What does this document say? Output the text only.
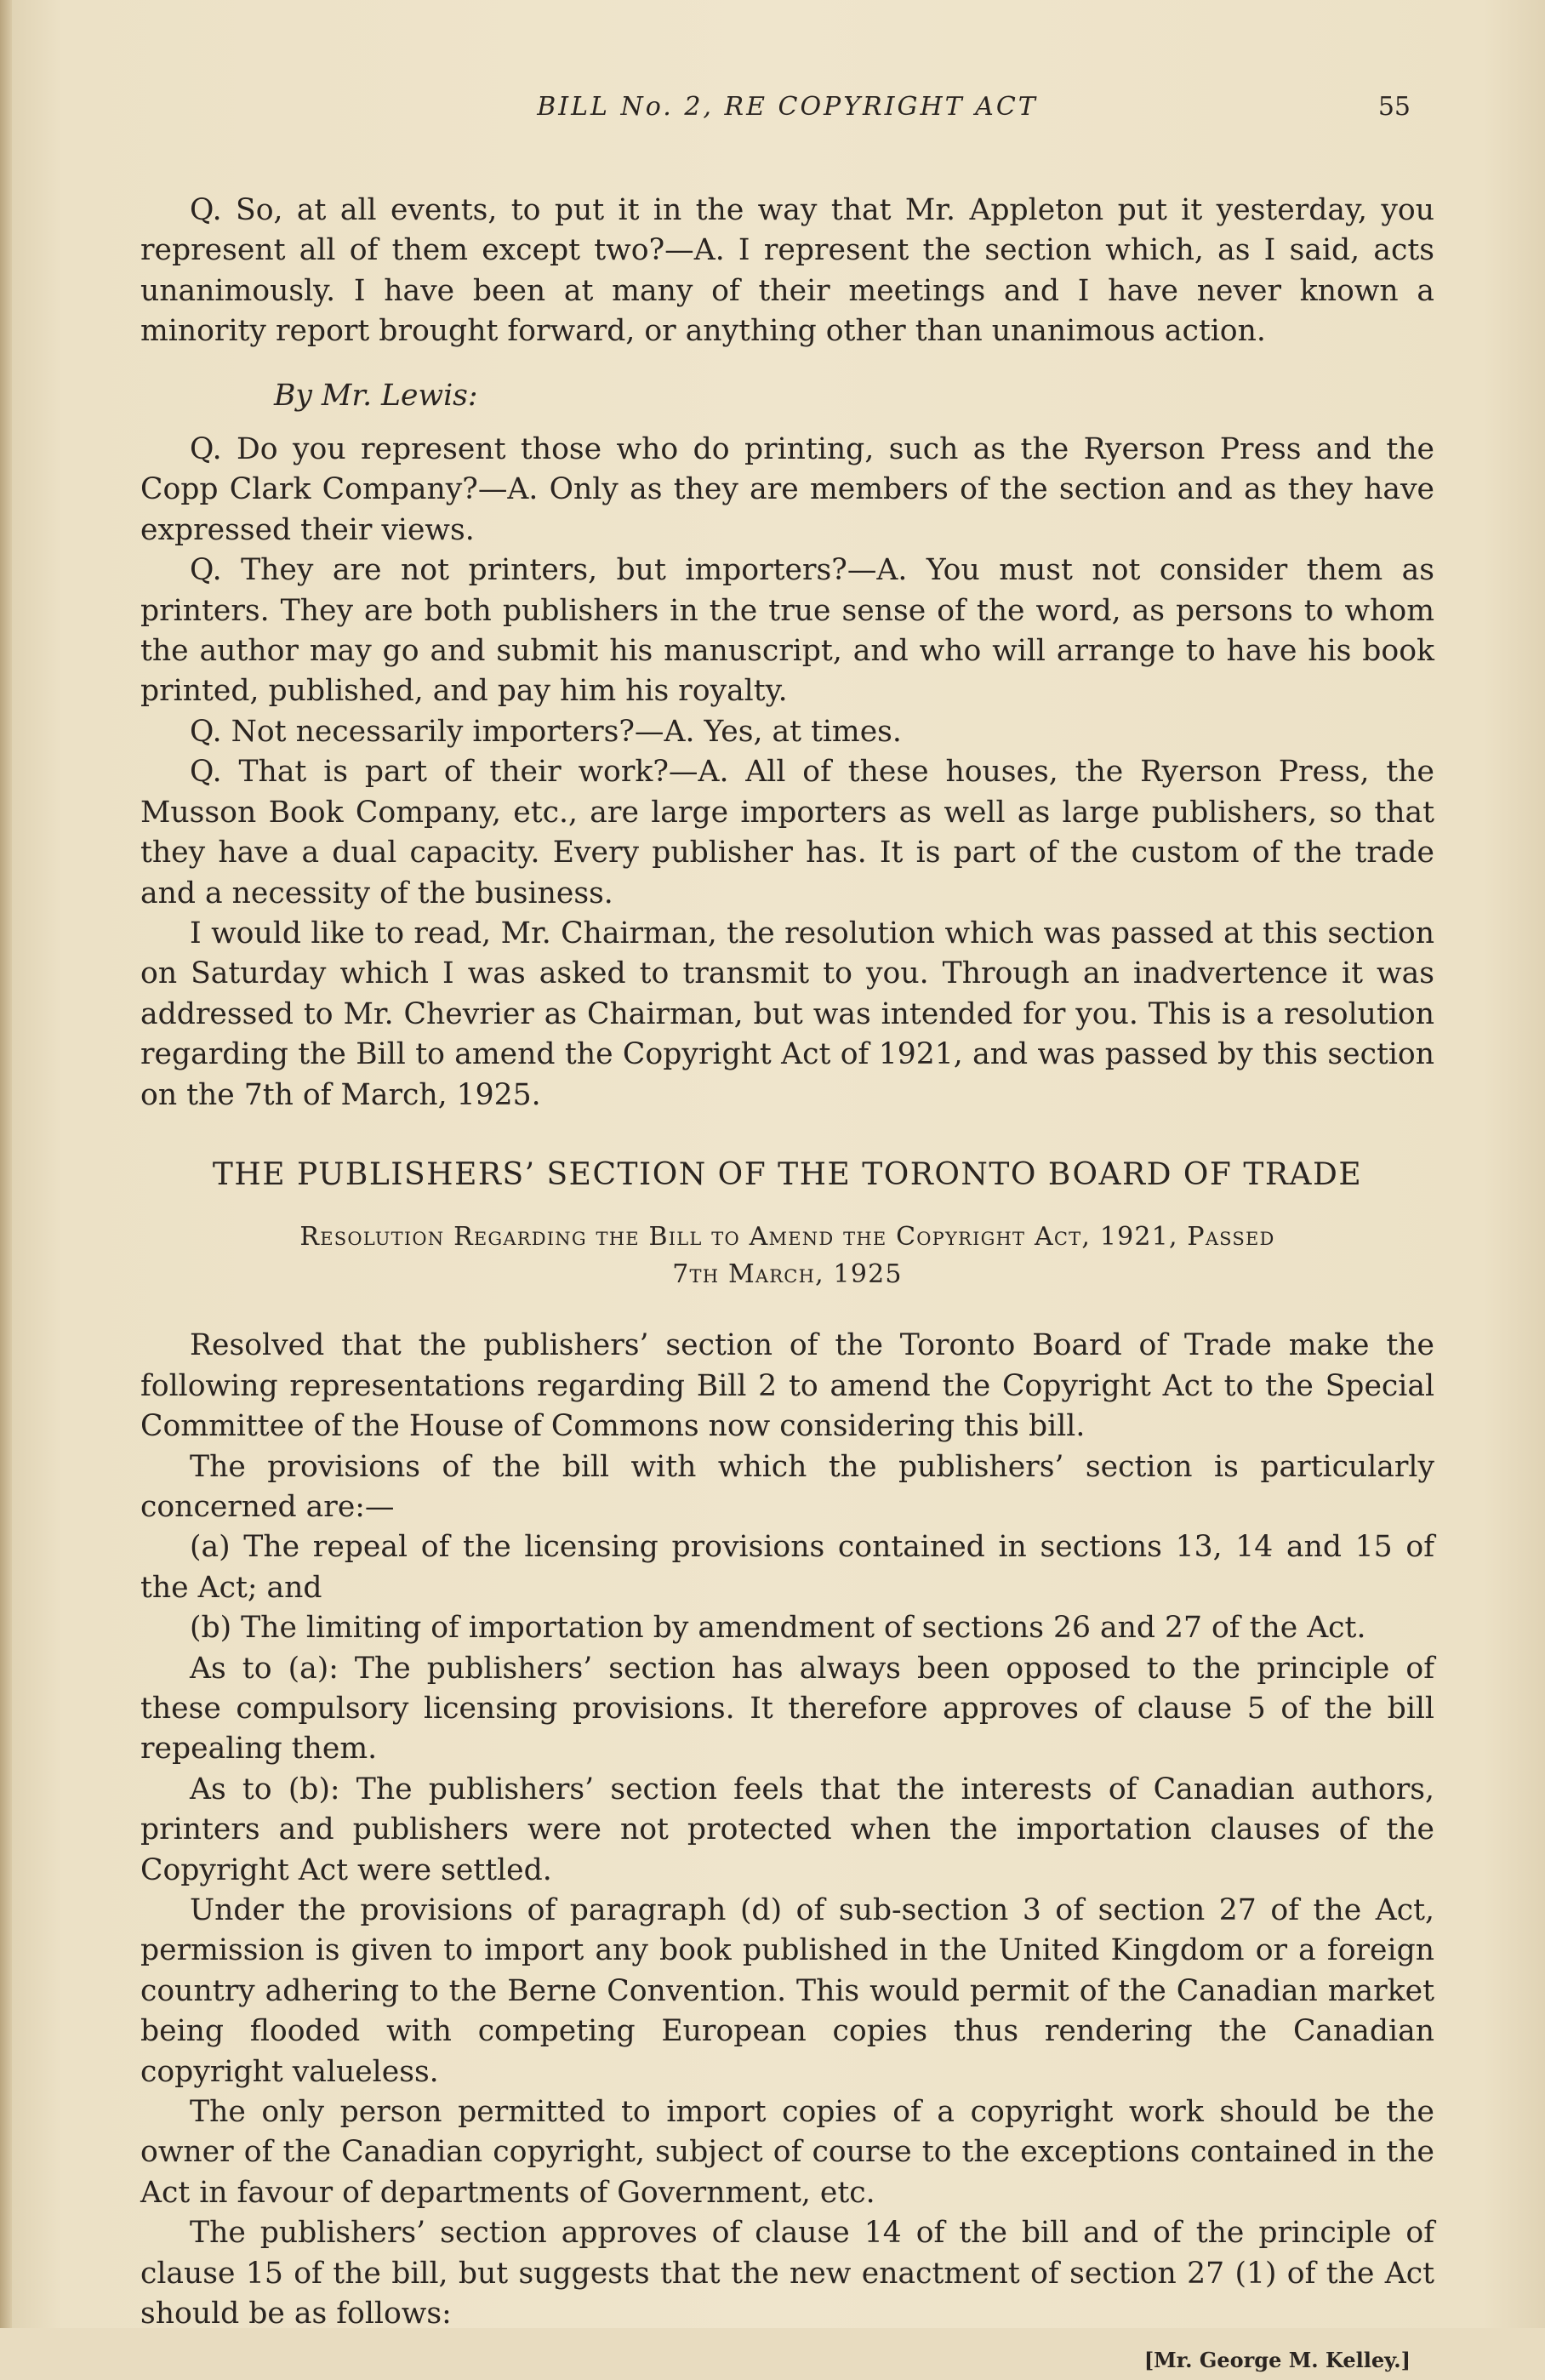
BILL No. 2, RE COPYRIGHT ACT	55

Q. So, at all events, to put it in the way that Mr. Appleton put it yesterday, you represent all of them except two?—A. I represent the section which, as I said, acts unanimously. I have been at many of their meetings and I have never known a minority report brought forward, or anything other than unanimous action.

By Mr. Lewis:

Q. Do you represent those who do printing, such as the Ryerson Press and the Copp Clark Company?—A. Only as they are members of the section and as they have expressed their views.

Q. They are not printers, but importers?—A. You must not consider them as printers. They are both publishers in the true sense of the word, as persons to whom the author may go and submit his manuscript, and who will arrange to have his book printed, published, and pay him his royalty.

Q. Not necessarily importers?—A. Yes, at times.

Q. That is part of their work?—A. All of these houses, the Ryerson Press, the Musson Book Company, etc., are large importers as well as large publishers, so that they have a dual capacity. Every publisher has. It is part of the custom of the trade and a necessity of the business.

I would like to read, Mr. Chairman, the resolution which was passed at this section on Saturday which I was asked to transmit to you. Through an inadvertence it was addressed to Mr. Chevrier as Chairman, but was intended for you. This is a resolution regarding the Bill to amend the Copyright Act of 1921, and was passed by this section on the 7th of March, 1925.

THE PUBLISHERS’ SECTION OF THE TORONTO BOARD OF TRADE
Resolution Regarding the Bill to Amend the Copyright Act, 1921, Passed
7th March, 1925

Resolved that the publishers’ section of the Toronto Board of Trade make the following representations regarding Bill 2 to amend the Copyright Act to the Special Committee of the House of Commons now considering this bill.

The provisions of the bill with which the publishers’ section is particularly concerned are:—

(a) The repeal of the licensing provisions contained in sections 13, 14 and 15 of the Act; and

(b) The limiting of importation by amendment of sections 26 and 27 of the Act.

As to (a): The publishers’ section has always been opposed to the principle of these compulsory licensing provisions. It therefore approves of clause 5 of the bill repealing them.

As to (b): The publishers’ section feels that the interests of Canadian authors, printers and publishers were not protected when the importation clauses of the Copyright Act were settled.

Under the provisions of paragraph (d) of sub-section 3 of section 27 of the Act, permission is given to import any book published in the United Kingdom or a foreign country adhering to the Berne Convention. This would permit of the Canadian market being flooded with competing European copies thus rendering the Canadian copyright valueless.

The only person permitted to import copies of a copyright work should be the owner of the Canadian copyright, subject of course to the exceptions contained in the Act in favour of departments of Government, etc.

The publishers’ section approves of clause 14 of the bill and of the principle of clause 15 of the bill, but suggests that the new enactment of section 27 (1) of the Act should be as follows:

[Mr. George M. Kelley.]
